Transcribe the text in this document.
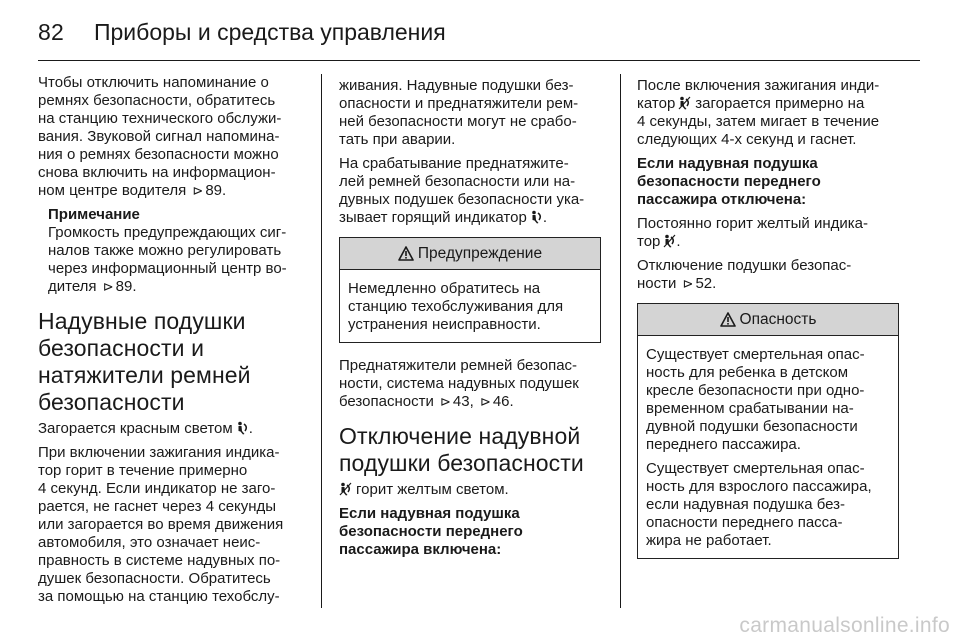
82 Приборы и средства управления

Чтобы отключить напоминание о
ремнях безопасности, обратитесь
на станцию технического обслужи-
вания. Звуковой сигнал напомина-
ния о ремнях безопасности можно
снова включить на информацион-
ном центре водителя ⊳ 89.

Примечание
Громкость предупреждающих сиг-
налов также можно регулировать
через информационный центр во-
дителя ⊳ 89.
Надувные подушки
безопасности и
натяжители ремней
безопасности

Загорается красным светом .

При включении зажигания индика-
тор горит в течение примерно
4 секунд. Если индикатор не заго-
рается, не гаснет через 4 секунды
или загорается во время движения
автомобиля, это означает неис-
правность в системе надувных по-
душек безопасности. Обратитесь
за помощью на станцию техобслу-

живания. Надувные подушки без-
опасности и преднатяжители рем-
ней безопасности могут не срабо-
тать при аварии.

На срабатывание преднатяжите-
лей ремней безопасности или на-
дувных подушек безопасности ука-
зывает горящий индикатор .

Предупреждение
Немедленно обратитесь на
станцию техобслуживания для
устранения неисправности.

Преднатяжители ремней безопас-
ности, система надувных подушек
безопасности ⊳ 43, ⊳ 46.

Отключение надувной
подушки безопасности

горит желтым светом.

Если надувная подушка
безопасности переднего
пассажира включена:

После включения зажигания инди-
катор загорается примерно на
4 секунды, затем мигает в течение
следующих 4-х секунд и гаснет.

Если надувная подушка
безопасности переднего
пассажира отключена:

Постоянно горит желтый индика-
тор .

Отключение подушки безопас-
ности ⊳ 52.

Опасность

Существует смертельная опас-
ность для ребенка в детском
кресле безопасности при одно-
временном срабатывании на-
дувной подушки безопасности
переднего пассажира.

Существует смертельная опас-
ность для взрослого пассажира,
если надувная подушка без-
опасности переднего пасса-
жира не работает.

carmanualsonline.info
